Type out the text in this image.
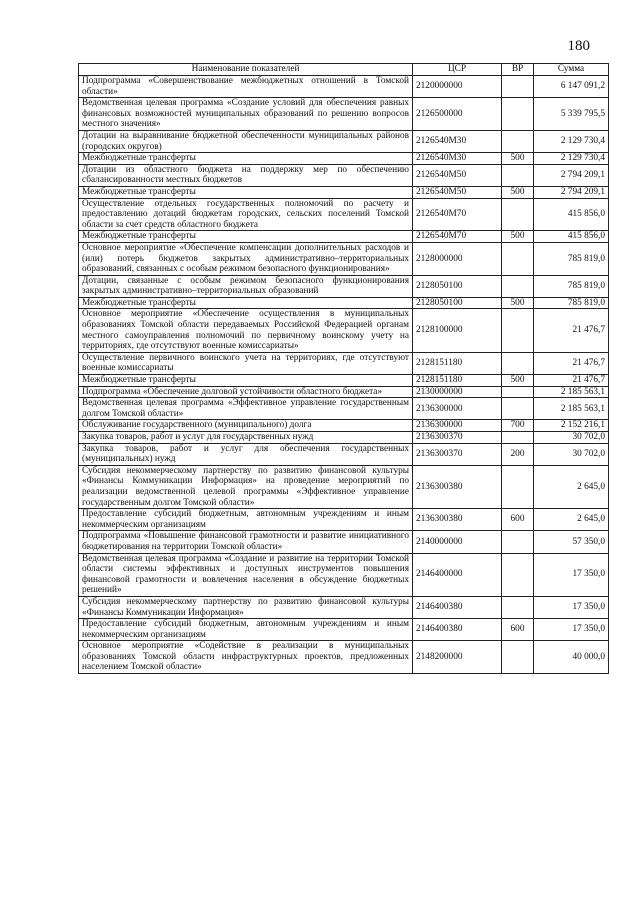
180
Наименование показателей	ЦСР	ВР	Сумма
Подпрограмма «Совершенствование межбюджетных отношений в Томской области»	2120000000		6 147 091,2
Ведомственная целевая программа «Создание условий для обеспечения равных финансовых возможностей муниципальных образований по решению вопросов местного значения»	2126500000		5 339 795,5
Дотации на выравнивание бюджетной обеспеченности муниципальных районов (городских округов)	2126540М30		2 129 730,4
Межбюджетные трансферты	2126540М30	500	2 129 730,4
Дотации из областного бюджета на поддержку мер по обеспечению сбалансированности местных бюджетов	2126540М50		2 794 209,1
Межбюджетные трансферты	2126540М50	500	2 794 209,1
Осуществление отдельных государственных полномочий по расчету и предоставлению дотаций бюджетам городских, сельских поселений Томской области за счет средств областного бюджета	2126540М70		415 856,0
Межбюджетные трансферты	2126540М70	500	415 856,0
Основное мероприятие «Обеспечение компенсации дополнительных расходов и (или) потерь бюджетов закрытых административно–территориальных образований, связанных с особым режимом безопасного функционирования»	2128000000		785 819,0
Дотации, связанные с особым режимом безопасного функционирования закрытых административно–территориальных образований	2128050100		785 819,0
Межбюджетные трансферты	2128050100	500	785 819,0
Основное мероприятие «Обеспечение осуществления в муниципальных образованиях Томской области передаваемых Российской Федерацией органам местного самоуправления полномочий по первичному воинскому учету на территориях, где отсутствуют военные комиссариаты»	2128100000		21 476,7
Осуществление первичного воинского учета на территориях, где отсутствуют военные комиссариаты	2128151180		21 476,7
Межбюджетные трансферты	2128151180	500	21 476,7
Подпрограмма «Обеспечение долговой устойчивости областного бюджета»	2130000000		2 185 563,1
Ведомственная целевая программа «Эффективное управление государственным долгом Томской области»	2136300000		2 185 563,1
Обслуживание государственного (муниципального) долга	2136300000	700	2 152 216,1
Закупка товаров, работ и услуг для государственных нужд	2136300370		30 702,0
Закупка товаров, работ и услуг для обеспечения государственных (муниципальных) нужд	2136300370	200	30 702,0
Субсидия некоммерческому партнерству по развитию финансовой культуры «Финансы Коммуникации Информация» на проведение мероприятий по реализации ведомственной целевой программы «Эффективное управление государственным долгом Томской области»	2136300380		2 645,0
Предоставление субсидий бюджетным, автономным учреждениям и иным некоммерческим организациям	2136300380	600	2 645,0
Подпрограмма «Повышение финансовой грамотности и развитие инициативного бюджетирования на территории Томской области»	2140000000		57 350,0
Ведомственная целевая программа «Создание и развитие на территории Томской области системы эффективных и доступных инструментов повышения финансовой грамотности и вовлечения населения в обсуждение бюджетных решений»	2146400000		17 350,0
Субсидия некоммерческому партнерству по развитию финансовой культуры «Финансы Коммуникации Информация»	2146400380		17 350,0
Предоставление субсидий бюджетным, автономным учреждениям и иным некоммерческим организациям	2146400380	600	17 350,0
Основное мероприятие «Содействие в реализации в муниципальных образованиях Томской области инфраструктурных проектов, предложенных населением Томской области»	2148200000		40 000,0
